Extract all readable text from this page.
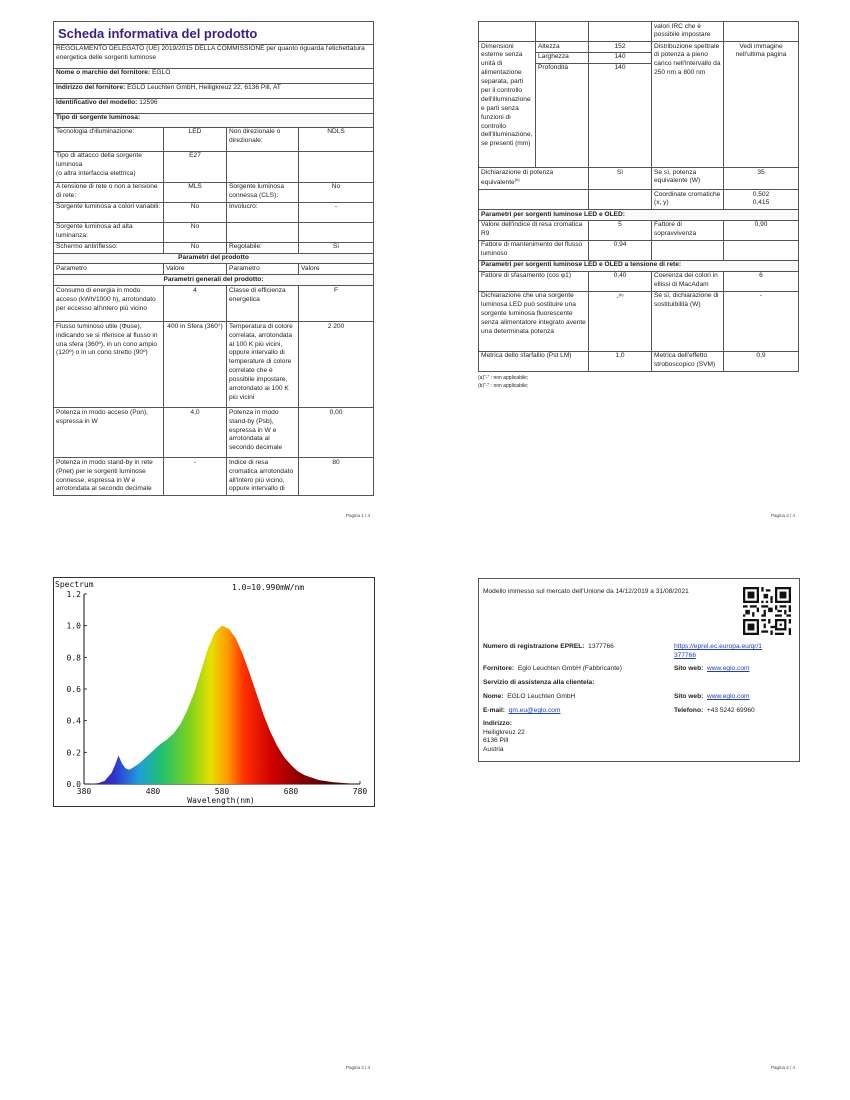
Scheda informativa del prodotto			
REGOLAMENTO DELEGATO (UE) 2019/2015 DELLA COMMISSIONE per quanto riguarda l'etichettatura energetica delle sorgenti luminose			
Nome o marchio del fornitore: EGLO			
Indirizzo del fornitore: EGLO Leuchten GmbH, Heiligkreuz 22, 6136 Pill, AT			
Identificativo del modello: 12596			
Tipo di sorgente luminosa:			
Tecnologia d'illuminazione:	LED	Non direzionale o direzionale:	NDLS
Tipo di attacco della sorgente luminosa
(o altra interfaccia elettrica)	E27		
A tensione di rete o non a tensione di rete:	MLS	Sorgente luminosa connessa (CLS):	No
Sorgente luminosa a colori variabili:	No	Involucro:	-
Sorgente luminosa ad alta luminanza:	No		
Schermo antiriflesso:	No	Regolabile:	Sì
Parametri del prodotto			
Parametro	Valore	Parametro	Valore
Parametri generali del prodotto:			
Consumo di energia in modo acceso (kWh/1000 h), arrotondato per eccesso all'intero più vicino	4	Classe di efficienza energetica	F
Flusso luminoso utile (Φuse), indicando se si riferisce al flusso in una sfera (360º), in un cono ampio (120º) o in un cono stretto (90º)	400 in Sfera (360°)	Temperatura di colore correlata, arrotondata al 100 K più vicini, oppure intervallo di temperature di colore correlate che è possibile impostare, arrotondato ai 100 K più vicini	2 200
Potenza in modo acceso (Pon), espressa in W	4,0	Potenza in modo stand-by (Psb), espressa in W e arrotondata al secondo decimale	0,00
Potenza in modo stand-by in rete (Pnet) per le sorgenti luminose connesse, espressa in W e arrotondata al secondo decimale	-	Indice di resa cromatica arrotondato all'intero più vicino, oppure intervallo di	80
Pagina 1 / 4
			valori IRC che è possibile impostare	
Dimensioni esterne senza unità di alimentazione separata, parti per il controllo dell'illuminazione e parti senza funzioni di controllo dell'illuminazione, se presenti (mm)	Altezza	152	Distribuzione spettrale di potenza a pieno carico nell'intervallo da 250 nm a 800 nm	Vedi immagine nell'ultima pagina
	Larghezza	140		
	Profondità	140		
Dichiarazione di potenza equivalente$^{(b)}$		Sì	Se sì, potenza equivalente (W)	35
			Coordinate cromatiche (x, y)	0,502
0,415
Parametri per sorgenti luminose LED e OLED:				
Valore dell'indice di resa cromatica R9		5	Fattore di sopravvivenza	0,90
Fattore di mantenimento del flusso luminoso		0,94		
Parametri per sorgenti luminose LED e OLED a tensione di rete:				
Fattore di sfasamento (cos φ1)		0,40	Coerenza dei colori in ellissi di MacAdam	6
Dichiarazione che una sorgente luminosa LED può sostituire una sorgente luminosa fluorescente senza alimentatore integrato avente una determinata potenza		-$^{(b)}$	Se sì, dichiarazione di sostituibilità (W)	-
Metrica dello sfarfallio (Pst LM)		1,0	Metrica dell'effetto stroboscopico (SVM)	0,9
(a)"-" : non applicabile;
(b)"-" : non applicabile;
Pagina 2 / 4
0.0
0.2
0.4
0.6
0.8
1.0
1.2
380	480	580	680	780
1.0=10.990mW/nm
Spectrum
Wavelength(nm)
Pagina 3 / 4
Modello immesso sul mercato dell'Unione da 14/12/2019 a 31/08/2021
Numero di registrazione EPREL: 1377766	https://eprel.ec.europa.eu/qr/1377766
Fornitore: Eglo Leuchten GmbH (Fabbricante)	Sito web: www.eglo.com
Servizio di assistenza alla clientela:
Nome: EGLO Leuchten GmbH	Sito web: www.eglo.com
E-mail: qm.eu@eglo.com	Telefono: +43 5242 69960
Indirizzo:
Heiligkreuz 22
6136 Pill
Austria
Pagina 4 / 4
